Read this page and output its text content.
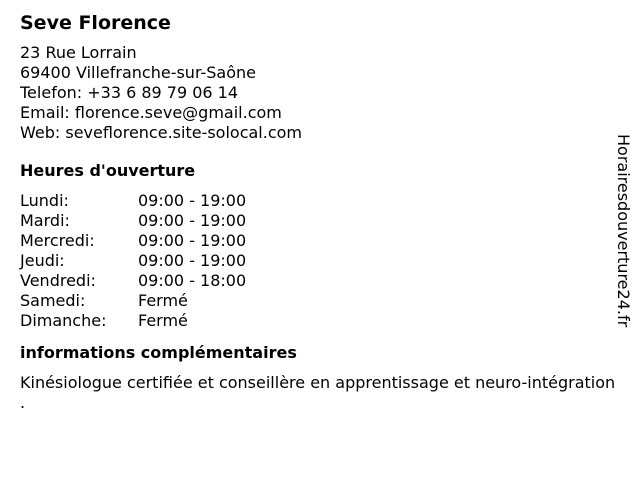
Seve Florence
23 Rue Lorrain
69400 Villefranche-sur-Saône
Telefon: +33 6 89 79 06 14
Email: florence.seve@gmail.com
Web: seveflorence.site-solocal.com
Heures d'ouverture
Lundi:	09:00 - 19:00
Mardi:	09:00 - 19:00
Mercredi:	09:00 - 19:00
Jeudi:	09:00 - 19:00
Vendredi:	09:00 - 18:00
Samedi:	Fermé
Dimanche:	Fermé
informations complémentaires
Kinésiologue certifiée et conseillère en apprentissage et neuro-intégration .
Horairesdouverture24.fr
